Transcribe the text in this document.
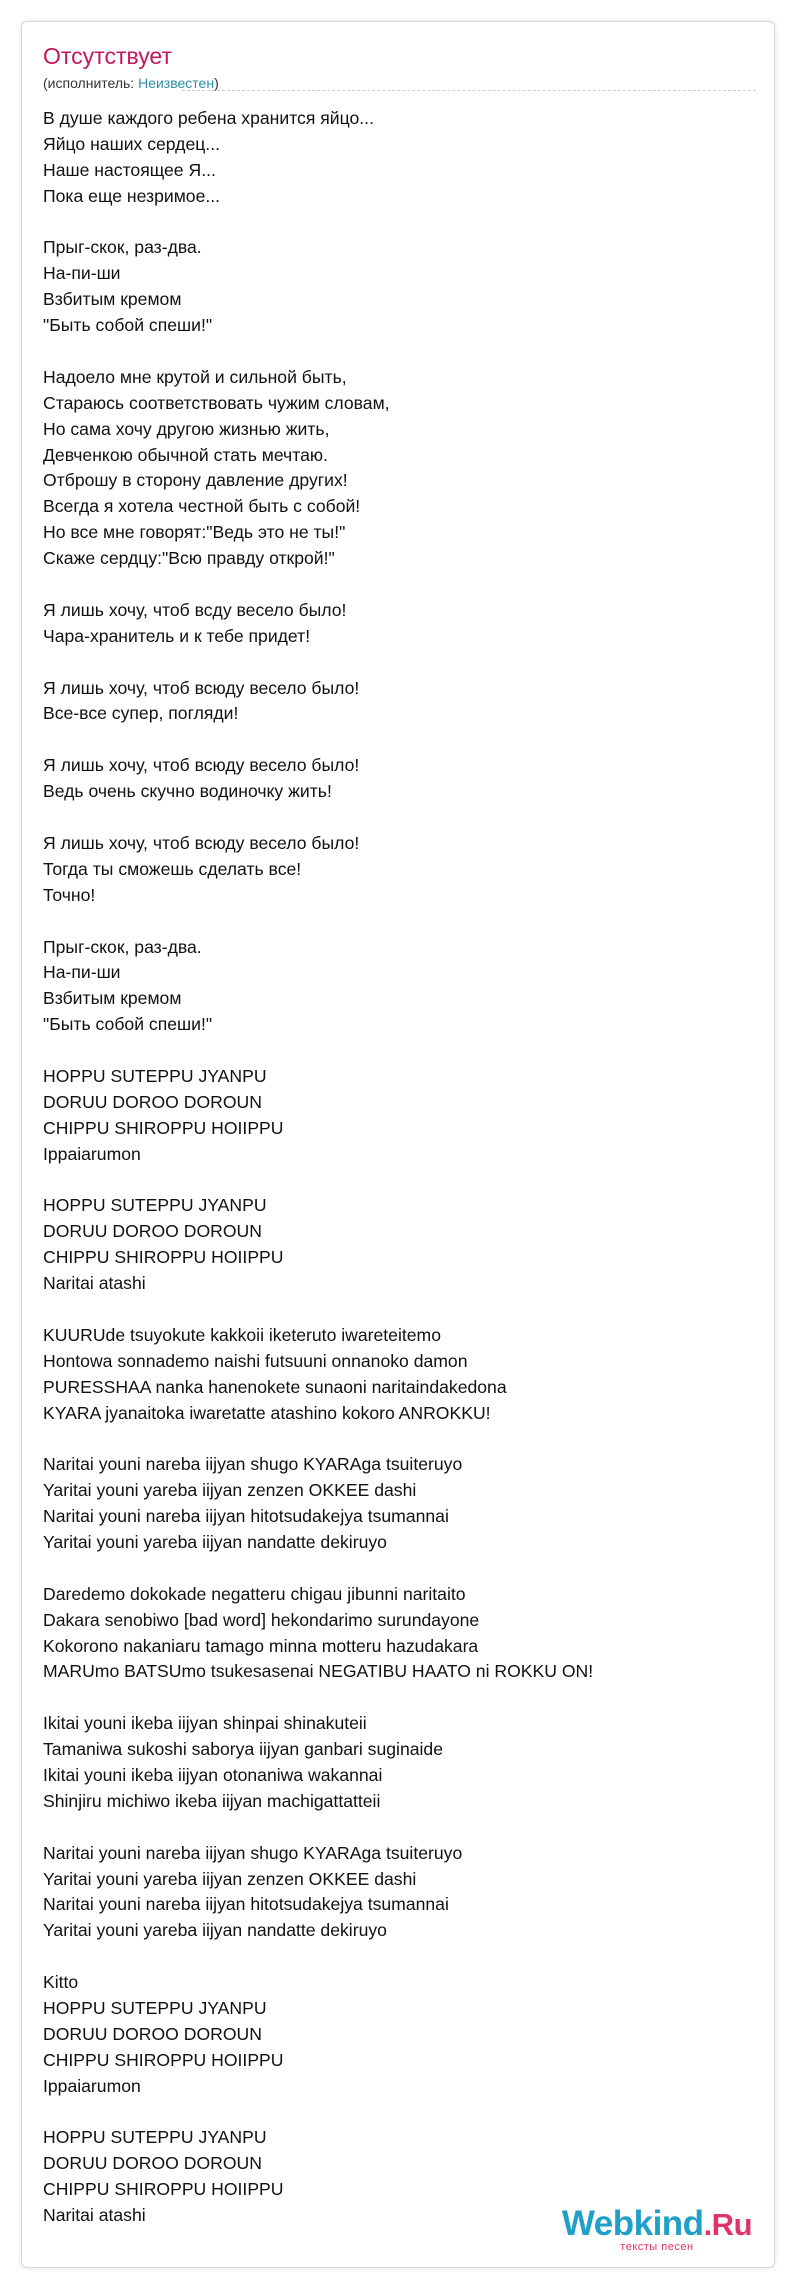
Отсутствует
(исполнитель: Неизвестен)
В душе каждого ребена хранится яйцо...
Яйцо наших сердец...
Наше настоящее Я...
Пока еще незримое...
Прыг-скок, раз-два.
На-пи-ши
Взбитым кремом
"Быть собой спеши!"
Надоело мне крутой и сильной быть,
Стараюсь соответствовать чужим словам,
Но сама хочу другою жизнью жить,
Девченкою обычной стать мечтаю.
Отброшу в сторону давление других!
Всегда я хотела честной быть с собой!
Но все мне говорят:"Ведь это не ты!"
Скаже сердцу:"Всю правду открой!"
Я лишь хочу, чтоб всду весело было!
Чара-хранитель и к тебе придет!
Я лишь хочу, чтоб всюду весело было!
Все-все супер, погляди!
Я лишь хочу, чтоб всюду весело было!
Ведь очень скучно водиночку жить!
Я лишь хочу, чтоб всюду весело было!
Тогда ты сможешь сделать все!
Точно!
Прыг-скок, раз-два.
На-пи-ши
Взбитым кремом
"Быть собой спеши!"
HOPPU SUTEPPU JYANPU
DORUU DOROO DOROUN
CHIPPU SHIROPPU HOIIPPU
Ippaiarumon
HOPPU SUTEPPU JYANPU
DORUU DOROO DOROUN
CHIPPU SHIROPPU HOIIPPU
Naritai atashi
KUURUde tsuyokute kakkoii iketeruto iwareteitemo
Hontowa sonnademo naishi futsuuni onnanoko damon
PURESSHAA nanka hanenokete sunaoni naritaindakedona
KYARA jyanaitoka iwaretatte atashino kokoro ANROKKU!
Naritai youni nareba iijyan shugo KYARAga tsuiteruyo
Yaritai youni yareba iijyan zenzen OKKEE dashi
Naritai youni nareba iijyan hitotsudakejya tsumannai
Yaritai youni yareba iijyan nandatte dekiruyo
Daredemo dokokade negatteru chigau jibunni naritaito
Dakara senobiwo [bad word] hekondarimo surundayone
Kokorono nakaniaru tamago minna motteru hazudakara
MARUmo BATSUmo tsukesasenai NEGATIBU HAATO ni ROKKU ON!
Ikitai youni ikeba iijyan shinpai shinakuteii
Tamaniwa sukoshi saborya iijyan ganbari suginaide
Ikitai youni ikeba iijyan otonaniwa wakannai
Shinjiru michiwo ikeba iijyan machigattatteii
Naritai youni nareba iijyan shugo KYARAga tsuiteruyo
Yaritai youni yareba iijyan zenzen OKKEE dashi
Naritai youni nareba iijyan hitotsudakejya tsumannai
Yaritai youni yareba iijyan nandatte dekiruyo
Kitto
HOPPU SUTEPPU JYANPU
DORUU DOROO DOROUN
CHIPPU SHIROPPU HOIIPPU
Ippaiarumon
HOPPU SUTEPPU JYANPU
DORUU DOROO DOROUN
CHIPPU SHIROPPU HOIIPPU
Naritai atashi	Webkind.Ru
тексты песен
